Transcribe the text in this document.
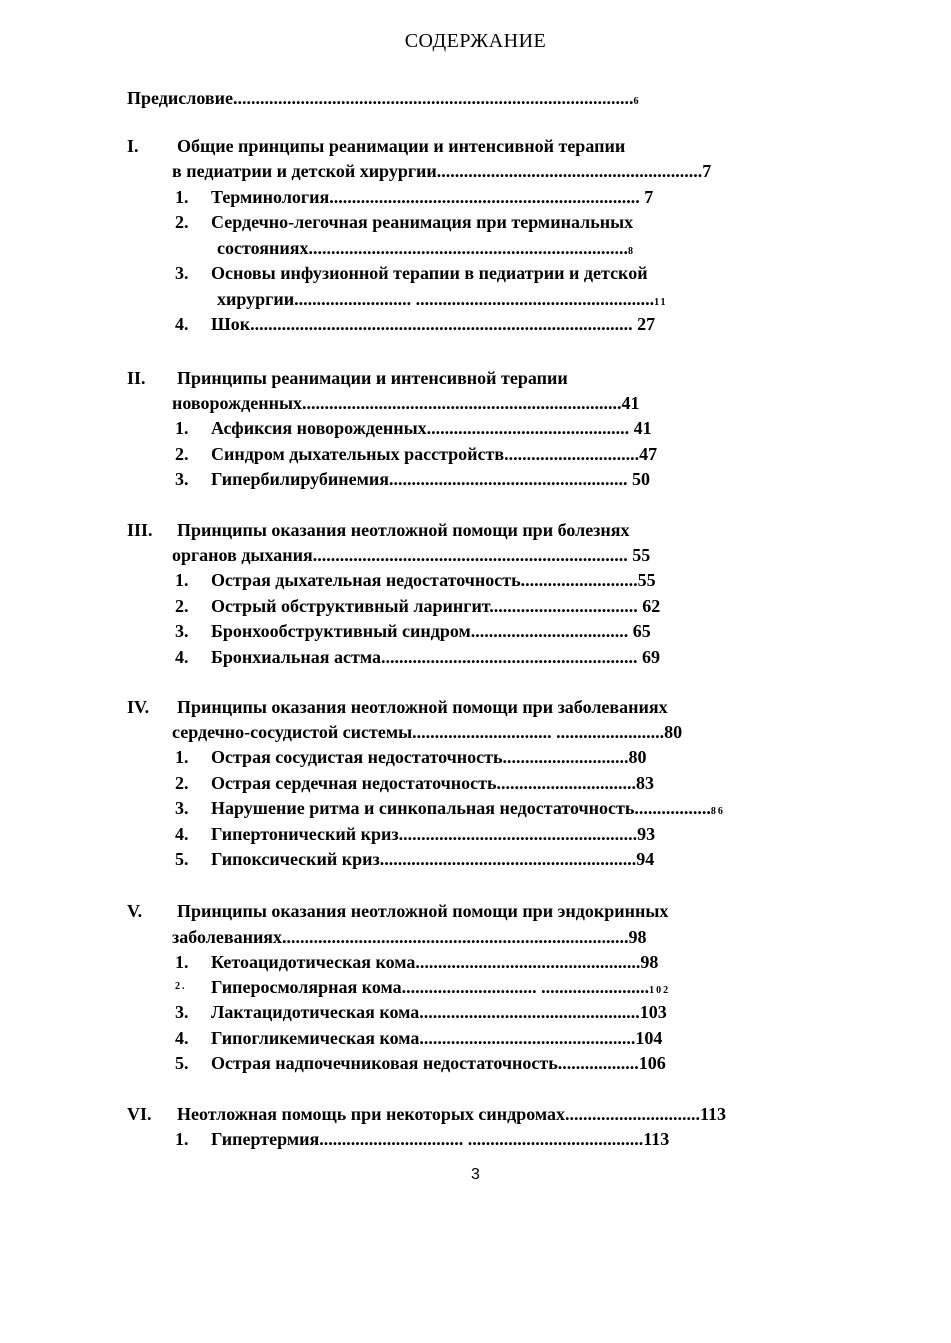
СОДЕРЖАНИЕ
Предисловие.........................................................................................6
I. Общие принципы реанимации и интенсивной терапии
в педиатрии и детской хирургии...........................................................7
1. Терминология..................................................................... 7
2. Сердечно-легочная реанимация при терминальных
состояниях.......................................................................8
3. Основы инфузионной терапии в педиатрии и детской
хирургии.......................... .....................................................11
4. Шок..................................................................................... 27
II. Принципы реанимации и интенсивной терапии
новорожденных.......................................................................41
1. Асфиксия новорожденных............................................. 41
2. Синдром дыхательных расстройств..............................47
3. Гипербилирубинемия..................................................... 50
III. Принципы оказания неотложной помощи при болезнях
органов дыхания...................................................................... 55
1. Острая дыхательная недостаточность..........................55
2. Острый обструктивный ларингит................................. 62
3. Бронхообструктивный синдром................................... 65
4. Бронхиальная астма......................................................... 69
IV. Принципы оказания неотложной помощи при заболеваниях
сердечно-сосудистой системы............................... ........................80
1. Острая сосудистая недостаточность............................80
2. Острая сердечная недостаточность...............................83
3. Нарушение ритма и синкопальная недостаточность.................86
4. Гипертонический криз.....................................................93
5. Гипоксический криз.........................................................94
V. Принципы оказания неотложной помощи при эндокринных
заболеваниях.............................................................................98
1. Кетоацидотическая кома..................................................98
2. Гиперосмолярная кома.............................. ........................102
3. Лактацидотическая кома.................................................103
4. Гипогликемическая кома................................................104
5. Острая надпочечниковая недостаточность..................106
VI. Неотложная помощь при некоторых синдромах..............................113
1. Гипертермия................................ .......................................113
3
